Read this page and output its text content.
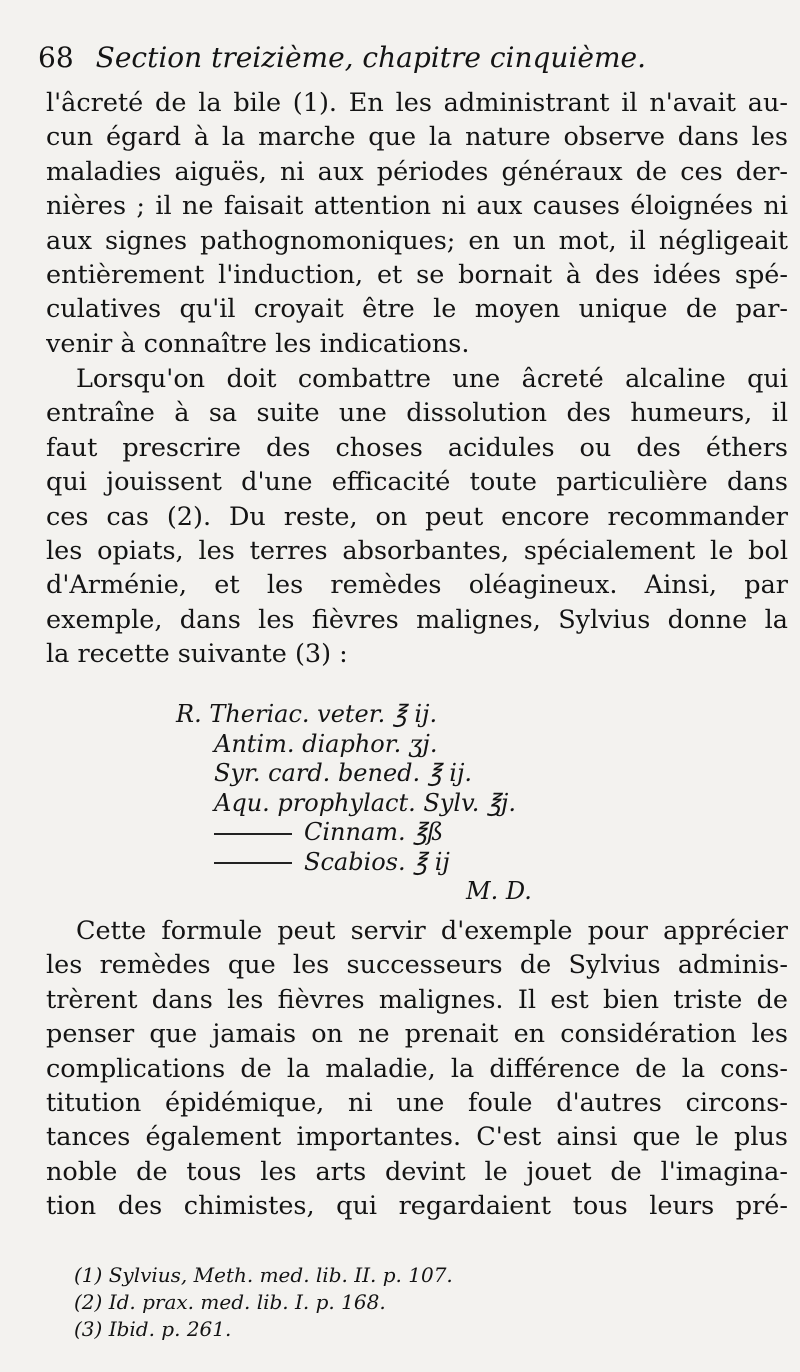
68 Section treizième, chapitre cinquième.
l'âcreté de la bile (1). En les administrant il n'avait au-
cun égard à la marche que la nature observe dans les
maladies aiguës, ni aux périodes généraux de ces der-
nières ; il ne faisait attention ni aux causes éloignées ni
aux signes pathognomoniques; en un mot, il négligeait
entièrement l'induction, et se bornait à des idées spé-
culatives qu'il croyait être le moyen unique de par-
venir à connaître les indications.
Lorsqu'on doit combattre une âcreté alcaline qui
entraîne à sa suite une dissolution des humeurs, il
faut prescrire des choses acidules ou des éthers
qui jouissent d'une efficacité toute particulière dans
ces cas (2). Du reste, on peut encore recommander
les opiats, les terres absorbantes, spécialement le bol
d'Arménie, et les remèdes oléagineux. Ainsi, par
exemple, dans les fièvres malignes, Sylvius donne la
la recette suivante (3) :
R. Theriac. veter. ℥ ij.
Antim. diaphor. ʒj.
Syr. card. bened. ℥ ij.
Aqu. prophylact. Sylv. ℥j.
Cinnam. ℥ß
Scabios. ℥ ij
M. D.
Cette formule peut servir d'exemple pour apprécier
les remèdes que les successeurs de Sylvius adminis-
trèrent dans les fièvres malignes. Il est bien triste de
penser que jamais on ne prenait en considération les
complications de la maladie, la différence de la cons-
titution épidémique, ni une foule d'autres circons-
tances également importantes. C'est ainsi que le plus
noble de tous les arts devint le jouet de l'imagina-
tion des chimistes, qui regardaient tous leurs pré-
(1) Sylvius, Meth. med. lib. II. p. 107.
(2) Id. prax. med. lib. I. p. 168.
(3) Ibid. p. 261.
